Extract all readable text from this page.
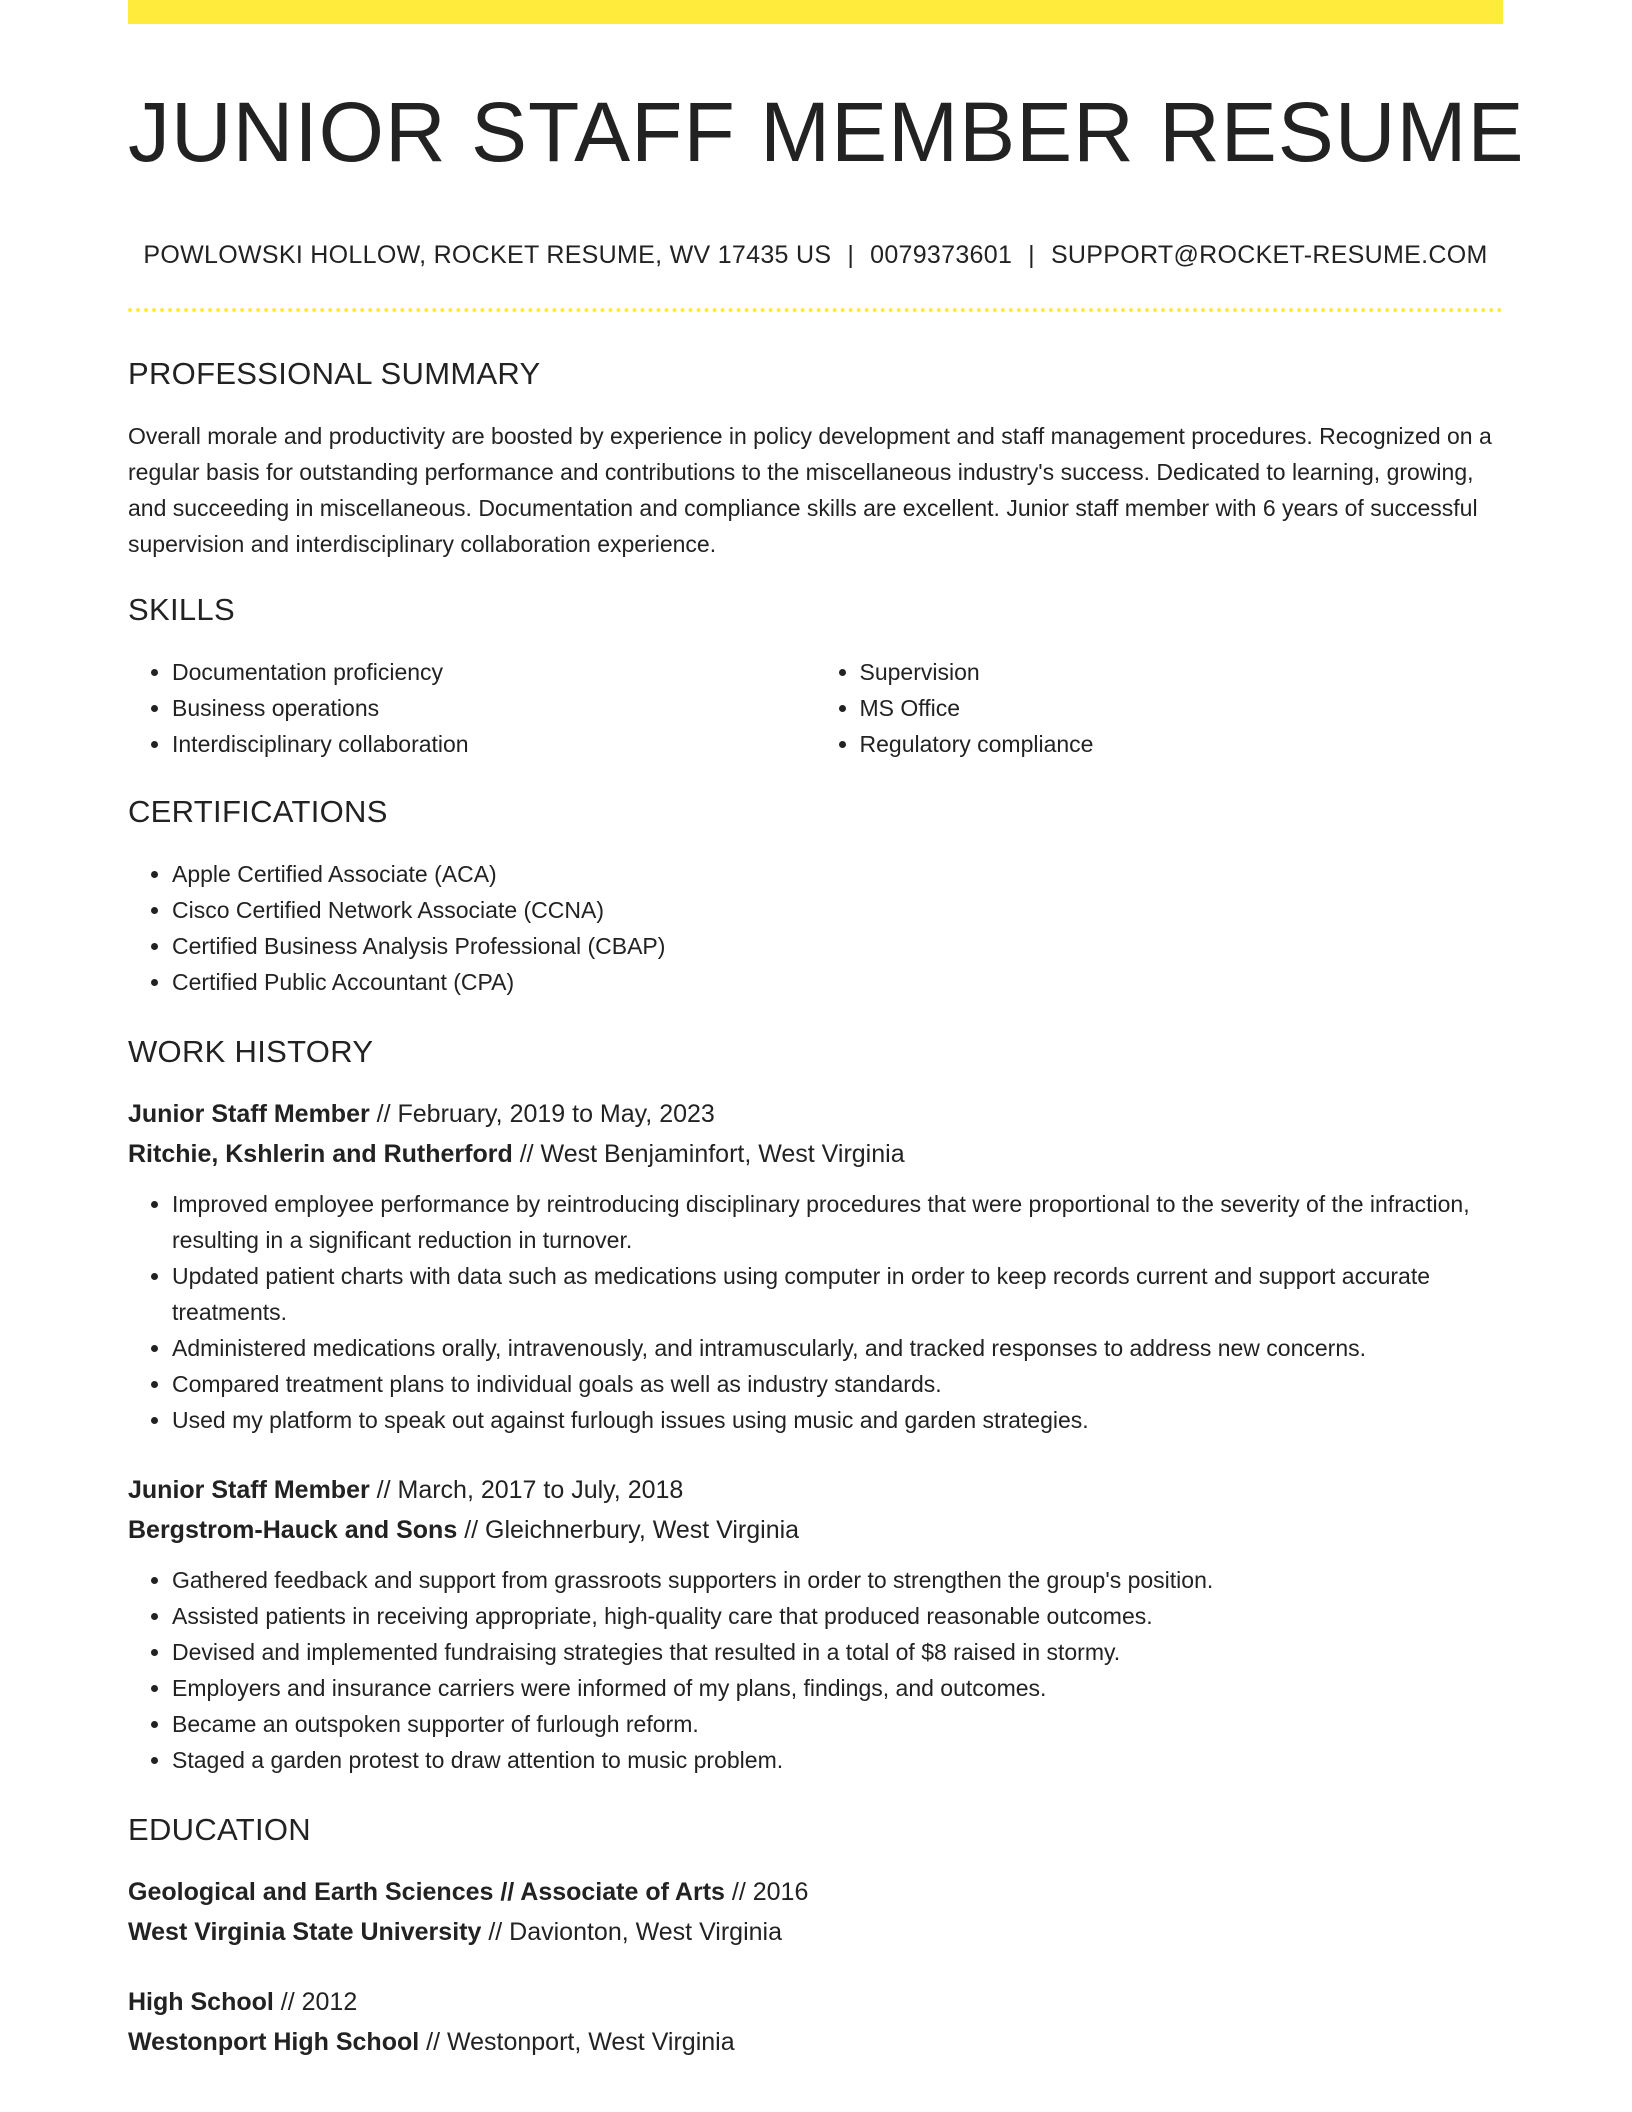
JUNIOR STAFF MEMBER RESUME
POWLOWSKI HOLLOW, ROCKET RESUME, WV 17435 US | 0079373601 | SUPPORT@ROCKET-RESUME.COM
PROFESSIONAL SUMMARY

Overall morale and productivity are boosted by experience in policy development and staff management procedures. Recognized on a regular basis for outstanding performance and contributions to the miscellaneous industry's success. Dedicated to learning, growing, and succeeding in miscellaneous. Documentation and compliance skills are excellent. Junior staff member with 6 years of successful supervision and interdisciplinary collaboration experience.

SKILLS
• Documentation proficiency
• Business operations
• Interdisciplinary collaboration
• Supervision
• MS Office
• Regulatory compliance
CERTIFICATIONS
• Apple Certified Associate (ACA)
• Cisco Certified Network Associate (CCNA)
• Certified Business Analysis Professional (CBAP)
• Certified Public Accountant (CPA)
WORK HISTORY
Junior Staff Member // February, 2019 to May, 2023
Ritchie, Kshlerin and Rutherford // West Benjaminfort, West Virginia
• Improved employee performance by reintroducing disciplinary procedures that were proportional to the severity of the infraction, resulting in a significant reduction in turnover.
• Updated patient charts with data such as medications using computer in order to keep records current and support accurate treatments.
• Administered medications orally, intravenously, and intramuscularly, and tracked responses to address new concerns.
• Compared treatment plans to individual goals as well as industry standards.
• Used my platform to speak out against furlough issues using music and garden strategies.
Junior Staff Member // March, 2017 to July, 2018
Bergstrom-Hauck and Sons // Gleichnerbury, West Virginia
• Gathered feedback and support from grassroots supporters in order to strengthen the group's position.
• Assisted patients in receiving appropriate, high-quality care that produced reasonable outcomes.
• Devised and implemented fundraising strategies that resulted in a total of $8 raised in stormy.
• Employers and insurance carriers were informed of my plans, findings, and outcomes.
• Became an outspoken supporter of furlough reform.
• Staged a garden protest to draw attention to music problem.
EDUCATION
Geological and Earth Sciences // Associate of Arts // 2016
West Virginia State University // Davionton, West Virginia
High School // 2012
Westonport High School // Westonport, West Virginia
